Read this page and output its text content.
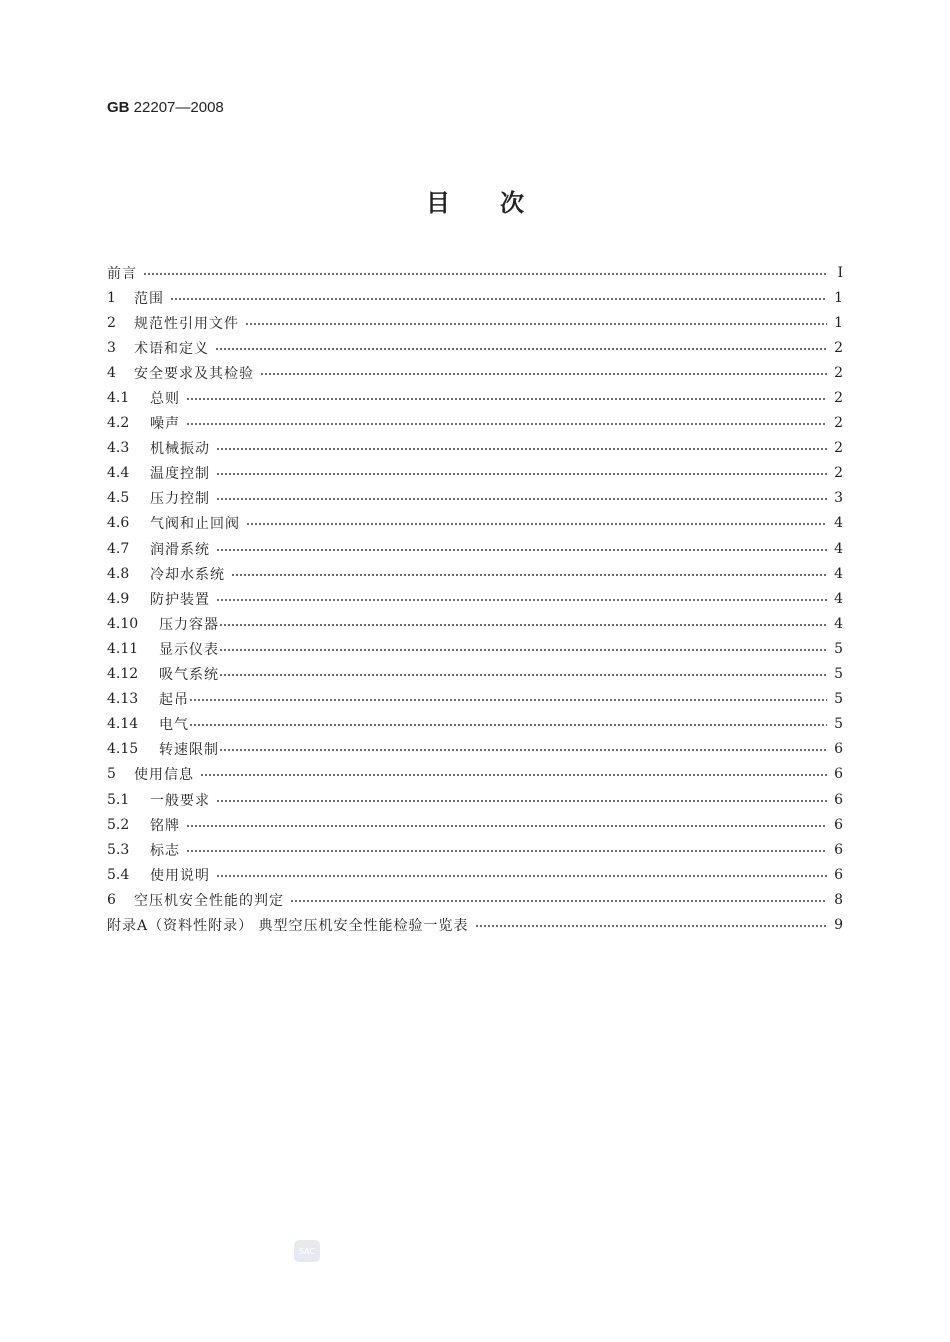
GB 22207—2008
目次
前言	Ⅰ
1	范围	1
2	规范性引用文件	1
3	术语和定义	2
4	安全要求及其检验	2
4.1	总则	2
4.2	噪声	2
4.3	机械振动	2
4.4	温度控制	2
4.5	压力控制	3
4.6	气阀和止回阀	4
4.7	润滑系统	4
4.8	冷却水系统	4
4.9	防护装置	4
4.10	压力容器	4
4.11	显示仪表	5
4.12	吸气系统	5
4.13	起吊	5
4.14	电气	5
4.15	转速限制	6
5	使用信息	6
5.1	一般要求	6
5.2	铭牌	6
5.3	标志	6
5.4	使用说明	6
6	空压机安全性能的判定	8
附录A（资料性附录） 典型空压机安全性能检验一览表	9
SAC
